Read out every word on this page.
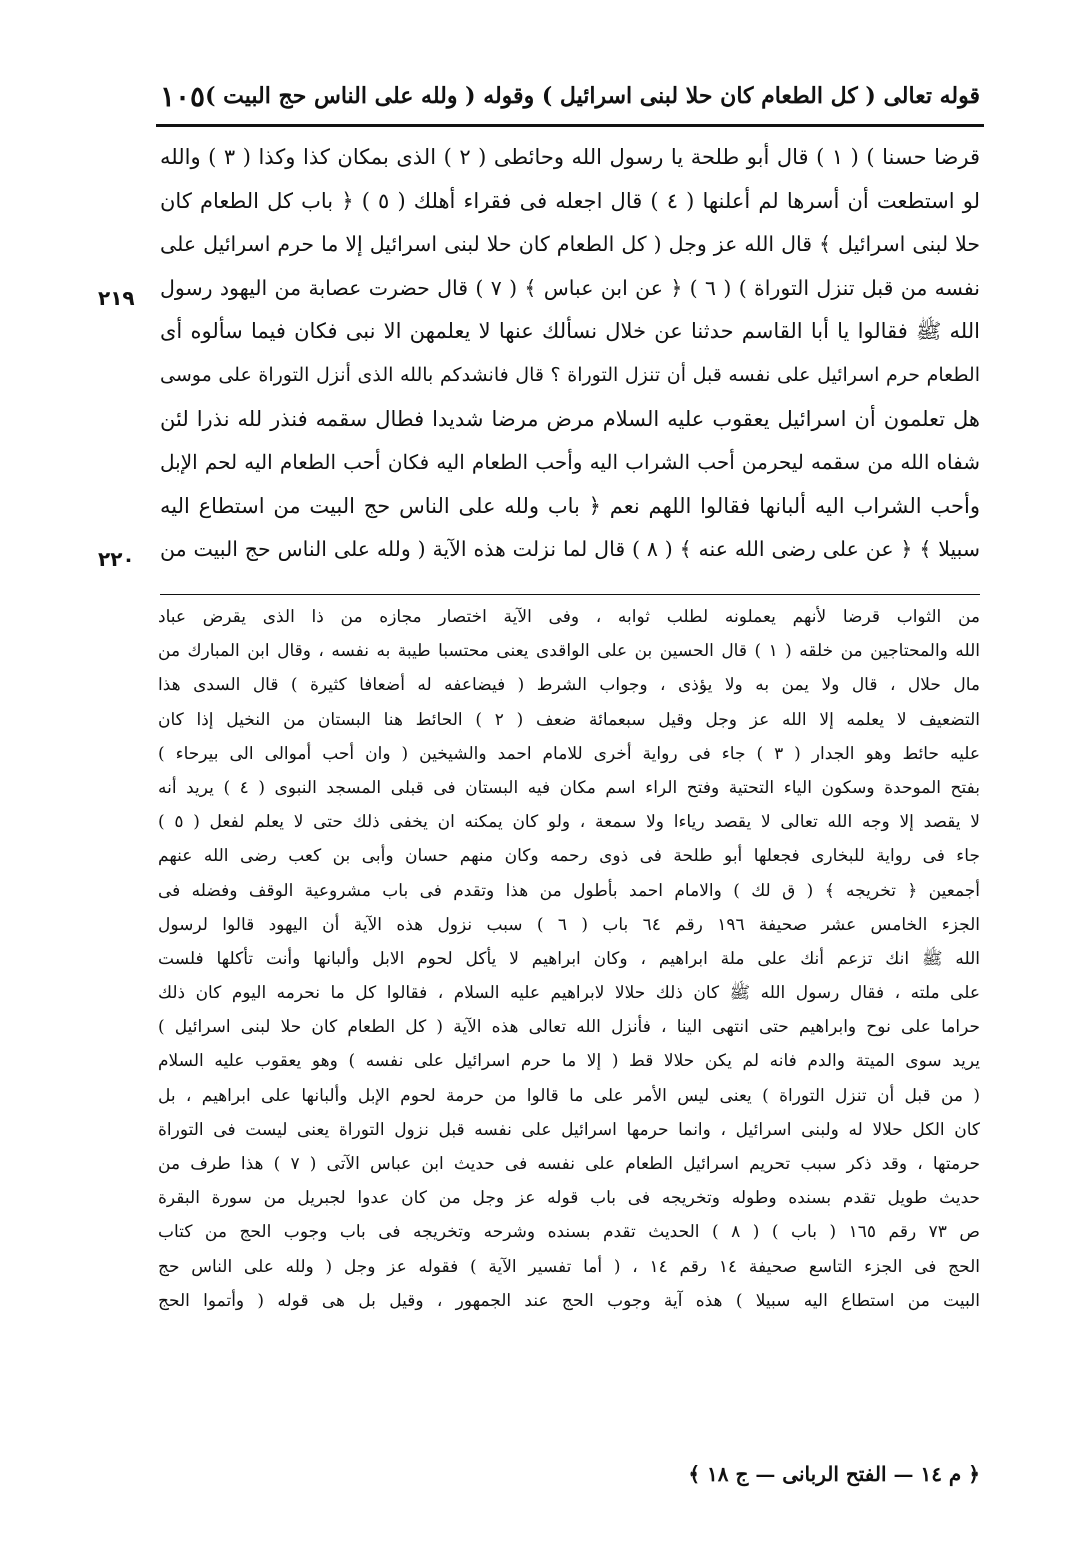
قوله تعالى ( كل الطعام كان حلا لبنى اسرائيل ) وقوله ( ولله على الناس حج البيت )
١٠٥
قرضا حسنا ) ( ١ ) قال أبو طلحة يا رسول الله وحائطى ( ٢ ) الذى بمكان كذا وكذا ( ٣ ) والله
لو استطعت أن أسرها لم أعلنها ( ٤ ) قال اجعله فى فقراء أهلك ( ٥ ) ﴿ باب كل الطعام كان
حلا لبنى اسرائيل ﴾ قال الله عز وجل ( كل الطعام كان حلا لبنى اسرائيل إلا ما حرم اسرائيل على
نفسه من قبل تنزل التوراة ) ( ٦ ) ﴿ عن ابن عباس ﴾ ( ٧ ) قال حضرت عصابة من اليهود رسول
الله ﷺ فقالوا يا أبا القاسم حدثنا عن خلال نسألك عنها لا يعلمهن الا نبى فكان فيما سألوه أى
الطعام حرم اسرائيل على نفسه قبل أن تنزل التوراة ؟ قال فانشدكم بالله الذى أنزل التوراة على موسى
هل تعلمون أن اسرائيل يعقوب عليه السلام مرض مرضا شديدا فطال سقمه فنذر لله نذرا لئن
شفاه الله من سقمه ليحرمن أحب الشراب اليه وأحب الطعام اليه فكان أحب الطعام اليه لحم الإبل
وأحب الشراب اليه ألبانها فقالوا اللهم نعم ﴿ باب ولله على الناس حج البيت من استطاع اليه
سبيلا ﴾ ﴿ عن على رضى الله عنه ﴾ ( ٨ ) قال لما نزلت هذه الآية ( ولله على الناس حج البيت من
٢١٩
٢٢٠
من الثواب قرضا لأنهم يعملونه لطلب ثوابه ، وفى الآية اختصار مجازه من ذا الذى يقرض عباد
الله والمحتاجين من خلقه ( ١ ) قال الحسين بن على الواقدى يعنى محتسبا طيبة به نفسه ، وقال ابن المبارك من
مال حلال ، قال ولا يمن به ولا يؤذى ، وجواب الشرط ( فيضاعفه له أضعافا كثيرة ) قال السدى هذا
التضعيف لا يعلمه إلا الله عز وجل وقيل سبعمائة ضعف ( ٢ ) الحائط هنا البستان من النخيل إذا كان
عليه حائط وهو الجدار ( ٣ ) جاء فى رواية أخرى للامام احمد والشيخين ( وان أحب أموالى الى بيرحاء )
بفتح الموحدة وسكون الياء التحتية وفتح الراء اسم مكان فيه البستان فى قبلى المسجد النبوى ( ٤ ) يريد أنه
لا يقصد إلا وجه الله تعالى لا يقصد رياءا ولا سمعة ، ولو كان يمكنه ان يخفى ذلك حتى لا يعلم لفعل ( ٥ )
جاء فى رواية للبخارى فجعلها أبو طلحة فى ذوى رحمه وكان منهم حسان وأبى بن كعب رضى الله عنهم
أجمعين ﴿ تخريجه ﴾ ( ق لك ) والامام احمد بأطول من هذا وتقدم فى باب مشروعية الوقف وفضله فى
الجزء الخامس عشر صحيفة ١٩٦ رقم ٦٤ باب ( ٦ ) سبب نزول هذه الآية أن اليهود قالوا لرسول
الله ﷺ انك تزعم أنك على ملة ابراهيم ، وكان ابراهيم لا يأكل لحوم الابل وألبانها وأنت تأكلها فلست
على ملته ، فقال رسول الله ﷺ كان ذلك حلالا لابراهيم عليه السلام ، فقالوا كل ما نحرمه اليوم كان ذلك
حراما على نوح وابراهيم حتى انتهى الينا ، فأنزل الله تعالى هذه الآية ( كل الطعام كان حلا لبنى اسرائيل )
يريد سوى الميتة والدم فانه لم يكن حلالا قط ( إلا ما حرم اسرائيل على نفسه ) وهو يعقوب عليه السلام
( من قبل أن تنزل التوراة ) يعنى ليس الأمر على ما قالوا من حرمة لحوم الإبل وألبانها على ابراهيم ، بل
كان الكل حلالا له ولبنى اسرائيل ، وانما حرمها اسرائيل على نفسه قبل نزول التوراة يعنى ليست فى التوراة
حرمتها ، وقد ذكر سبب تحريم اسرائيل الطعام على نفسه فى حديث ابن عباس الآتى ( ٧ ) هذا طرف من
حديث طويل تقدم بسنده وطوله وتخريجه فى باب قوله عز وجل من كان عدوا لجبريل من سورة البقرة
ص ٧٣ رقم ١٦٥ ( باب ) ( ٨ ) الحديث تقدم بسنده وشرحه وتخريجه فى باب وجوب الحج من كتاب
الحج فى الجزء التاسع صحيفة ١٤ رقم ١٤ ، ( أما تفسير الآية ) فقوله عز وجل ( ولله على الناس حج
البيت من استطاع اليه سبيلا ) هذه آية وجوب الحج عند الجمهور ، وقيل بل هى قوله ( وأتموا الحج
﴿ م ١٤ — الفتح الربانى — ج ١٨ ﴾
